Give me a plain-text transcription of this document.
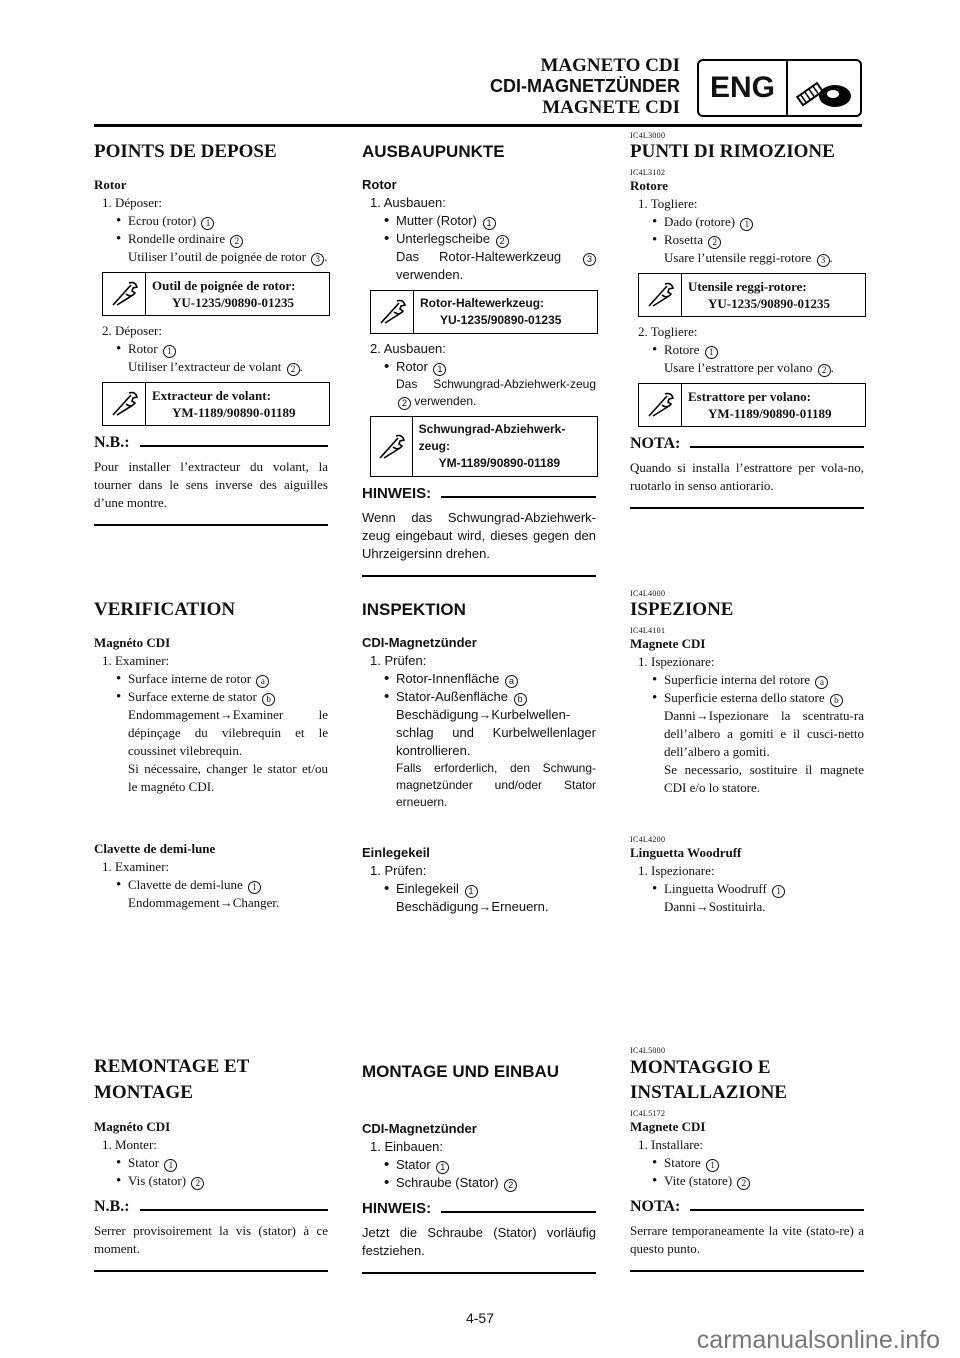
MAGNETO CDI
CDI-MAGNETZÜNDER
MAGNETE CDI
ENG
POINTS DE DEPOSE
Rotor
1. Déposer:
• Ecrou (rotor) 1
• Rondelle ordinaire 2
Utiliser l’outil de poignée de rotor 3 .
Outil de poignée de rotor:
YU-1235/90890-01235
2. Déposer:
• Rotor 1
Utiliser l’extracteur de volant 2 .
Extracteur de volant:
YM-1189/90890-01189
N.B.:
Pour installer l’extracteur du volant, la tourner dans le sens inverse des aiguilles d’une montre.
VERIFICATION
Magnéto CDI
1. Examiner:
• Surface interne de rotor a
• Surface externe de stator b
Endommagement→Examiner le dépinçage du vilebrequin et le coussinet vilebrequin.
Si nécessaire, changer le stator et/ou le magnéto CDI.
Clavette de demi-lune
1. Examiner:
• Clavette de demi-lune 1
Endommagement→Changer.
REMONTAGE ET MONTAGE
Magnéto CDI
1. Monter:
• Stator 1
• Vis (stator) 2
N.B.:
Serrer provisoirement la vis (stator) à ce moment.
AUSBAUPUNKTE
Rotor
1. Ausbauen:
• Mutter (Rotor) 1
• Unterlegscheibe 2
Das Rotor-Haltewerkzeug	3 verwenden.
Rotor-Haltewerkzeug:
YU-1235/90890-01235
2. Ausbauen:
• Rotor 1
Das Schwungrad-Abziehwerk-zeug 2 verwenden.
Schwungrad-Abziehwerk-zeug:
YM-1189/90890-01189
HINWEIS:
Wenn das Schwungrad-Abziehwerk-zeug eingebaut wird, dieses gegen den Uhrzeigersinn drehen.
INSPEKTION
CDI-Magnetzünder
1. Prüfen:
• Rotor-Innenfläche a
• Stator-Außenfläche b
Beschädigung→Kurbelwellen-schlag und Kurbelwellenlager kontrollieren.
Falls erforderlich, den Schwung-magnetzünder und/oder Stator erneuern.
Einlegekeil
1. Prüfen:
• Einlegekeil 1
Beschädigung→Erneuern.
MONTAGE UND EINBAU
CDI-Magnetzünder
1. Einbauen:
• Stator 1
• Schraube (Stator) 2
HINWEIS:
Jetzt die Schraube (Stator) vorläufig festziehen.
IC4L3000
PUNTI DI RIMOZIONE
IC4L3102
Rotore
1. Togliere:
• Dado (rotore) 1
• Rosetta 2
Usare l’utensile reggi-rotore 3 .
Utensile reggi-rotore:
YU-1235/90890-01235
2. Togliere:
• Rotore 1
Usare l’estrattore per volano 2 .
Estrattore per volano:
YM-1189/90890-01189
NOTA:
Quando si installa l’estrattore per vola-no, ruotarlo in senso antiorario.
IC4L4000
ISPEZIONE
IC4L4101
Magnete CDI
1. Ispezionare:
• Superficie interna del rotore a
• Superficie esterna dello statore b
Danni→Ispezionare la scentratu-ra dell’albero a gomiti e il cusci-netto dell’albero a gomiti.
Se necessario, sostituire il magnete CDI e/o lo statore.
IC4L4200
Linguetta Woodruff
1. Ispezionare:
• Linguetta Woodruff 1
Danni→Sostituirla.
IC4L5000
MONTAGGIO E INSTALLAZIONE
IC4L5172
Magnete CDI
1. Installare:
• Statore 1
• Vite (statore) 2
NOTA:
Serrare temporaneamente la vite (stato-re) a questo punto.
4-57
carmanualsonline.info
